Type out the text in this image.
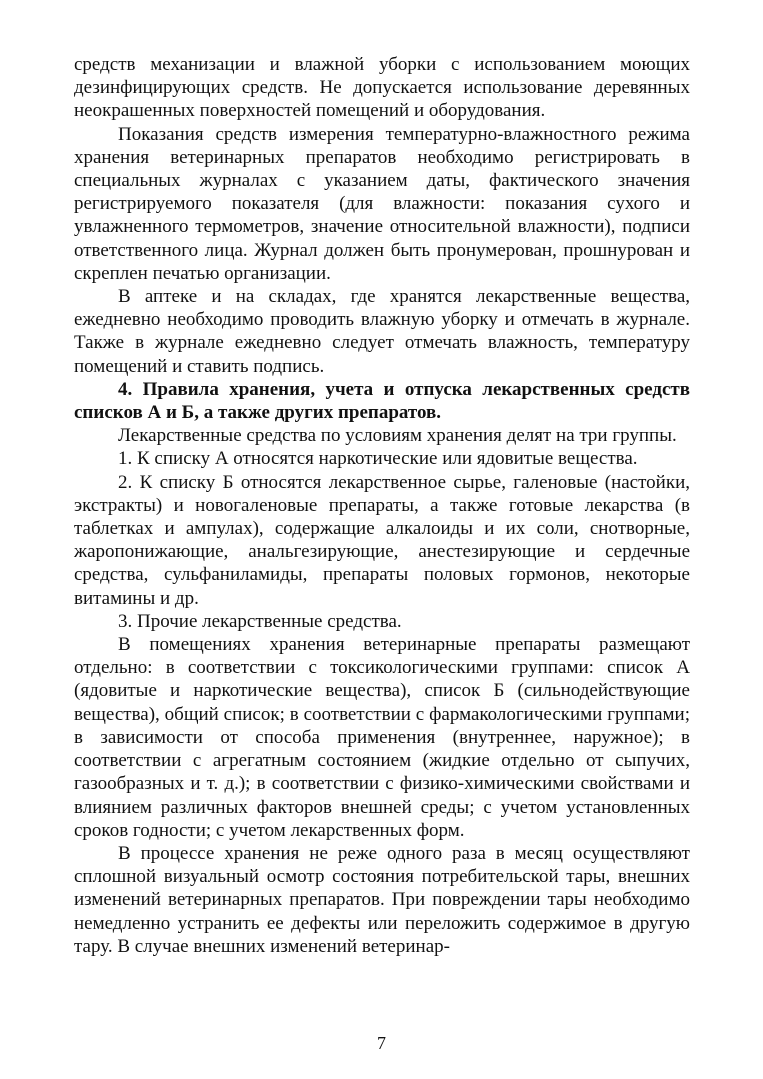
средств механизации и влажной уборки с использованием моющих дезинфицирующих средств. Не допускается использование деревянных неокрашенных поверхностей помещений и оборудования.

Показания средств измерения температурно-влажностного режима хранения ветеринарных препаратов необходимо регистрировать в специальных журналах с указанием даты, фактического значения регистрируемого показателя (для влажности: показания сухого и увлажненного термометров, значение относительной влажности), подписи ответственного лица. Журнал должен быть пронумерован, прошнурован и скреплен печатью организации.

В аптеке и на складах, где хранятся лекарственные вещества, ежедневно необходимо проводить влажную уборку и отмечать в журнале. Также в журнале ежедневно следует отмечать влажность, температуру помещений и ставить подпись.

4. Правила хранения, учета и отпуска лекарственных средств списков А и Б, а также других препаратов.

Лекарственные средства по условиям хранения делят на три группы.

1. К списку А относятся наркотические или ядовитые вещества.

2. К списку Б относятся лекарственное сырье, галеновые (настойки, экстракты) и новогаленовые препараты, а также готовые лекарства (в таблетках и ампулах), содержащие алкалоиды и их соли, снотворные, жаропонижающие, анальгезирующие, анестезирующие и сердечные средства, сульфаниламиды, препараты половых гормонов, некоторые витамины и др.

3. Прочие лекарственные средства.

В помещениях хранения ветеринарные препараты размещают отдельно: в соответствии с токсикологическими группами: список А (ядовитые и наркотические вещества), список Б (сильнодействующие вещества), общий список; в соответствии с фармакологическими группами; в зависимости от способа применения (внутреннее, наружное); в соответствии с агрегатным состоянием (жидкие отдельно от сыпучих, газообразных и т. д.); в соответствии с физико-химическими свойствами и влиянием различных факторов внешней среды; с учетом установленных сроков годности; с учетом лекарственных форм.

В процессе хранения не реже одного раза в месяц осуществляют сплошной визуальный осмотр состояния потребительской тары, внешних изменений ветеринарных препаратов. При повреждении тары необходимо немедленно устранить ее дефекты или переложить содержимое в другую тару. В случае внешних изменений ветеринар-

7
